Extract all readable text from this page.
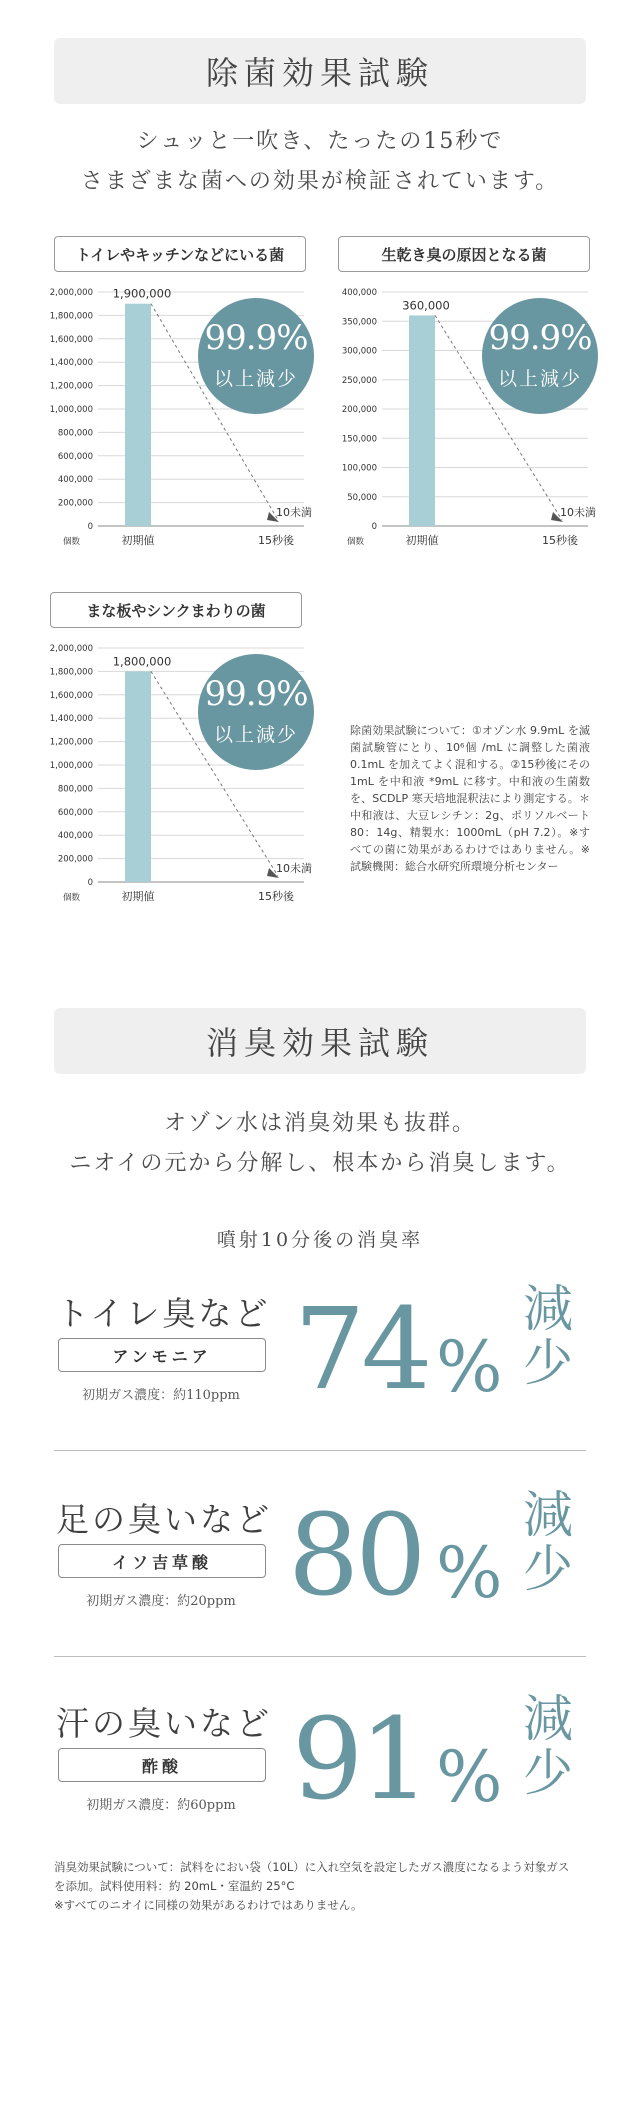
除菌効果試験
シュッと一吹き、たったの15秒で
さまざまな菌への効果が検証されています。
トイレやキッチンなどにいる菌
0
200,000
400,000
600,000
800,000
1,000,000
1,200,000
1,400,000
1,600,000
1,800,000
2,000,000
個数	初期値	15秒後
1,900,000
10未満
99.9%
以上減少
生乾き臭の原因となる菌
0
50,000
100,000
150,000
200,000
250,000
300,000
350,000
400,000
個数	初期値	15秒後
360,000
10未満
99.9%
以上減少
まな板やシンクまわりの菌
0
200,000
400,000
600,000
800,000
1,000,000
1,200,000
1,400,000
1,600,000
1,800,000
2,000,000
個数	初期値	15秒後
1,800,000
10未満
99.9%
以上減少	除菌効果試験について：①オゾン水 9.9mL を滅菌試験管にとり、10⁶個 /mL に調整した菌液 0.1mL を加えてよく混和する。②15秒後にその 1mL を中和液 *9mL に移す。中和液の生菌数を、SCDLP 寒天培地混釈法により測定する。＊中和液は、大豆レシチン：2g、ポリソルベート 80：14g、精製水：1000mL（pH 7.2）。※すべての菌に効果があるわけではありません。※試験機関：総合水研究所環境分析センター
消臭効果試験
オゾン水は消臭効果も抜群。
ニオイの元から分解し、根本から消臭します。
噴射10分後の消臭率
トイレ臭など
アンモニア
初期ガス濃度：約110ppm 74 %
減
少
足の臭いなど
イソ吉草酸
初期ガス濃度：約20ppm 80 %
減
少
汗の臭いなど
酢酸
初期ガス濃度：約60ppm 91 %
減
少
消臭効果試験について：試料をにおい袋（10L）に入れ空気を設定したガス濃度になるよう対象ガス
を添加。試料使用料：約 20mL・室温約 25°C
※すべてのニオイに同様の効果があるわけではありません。
